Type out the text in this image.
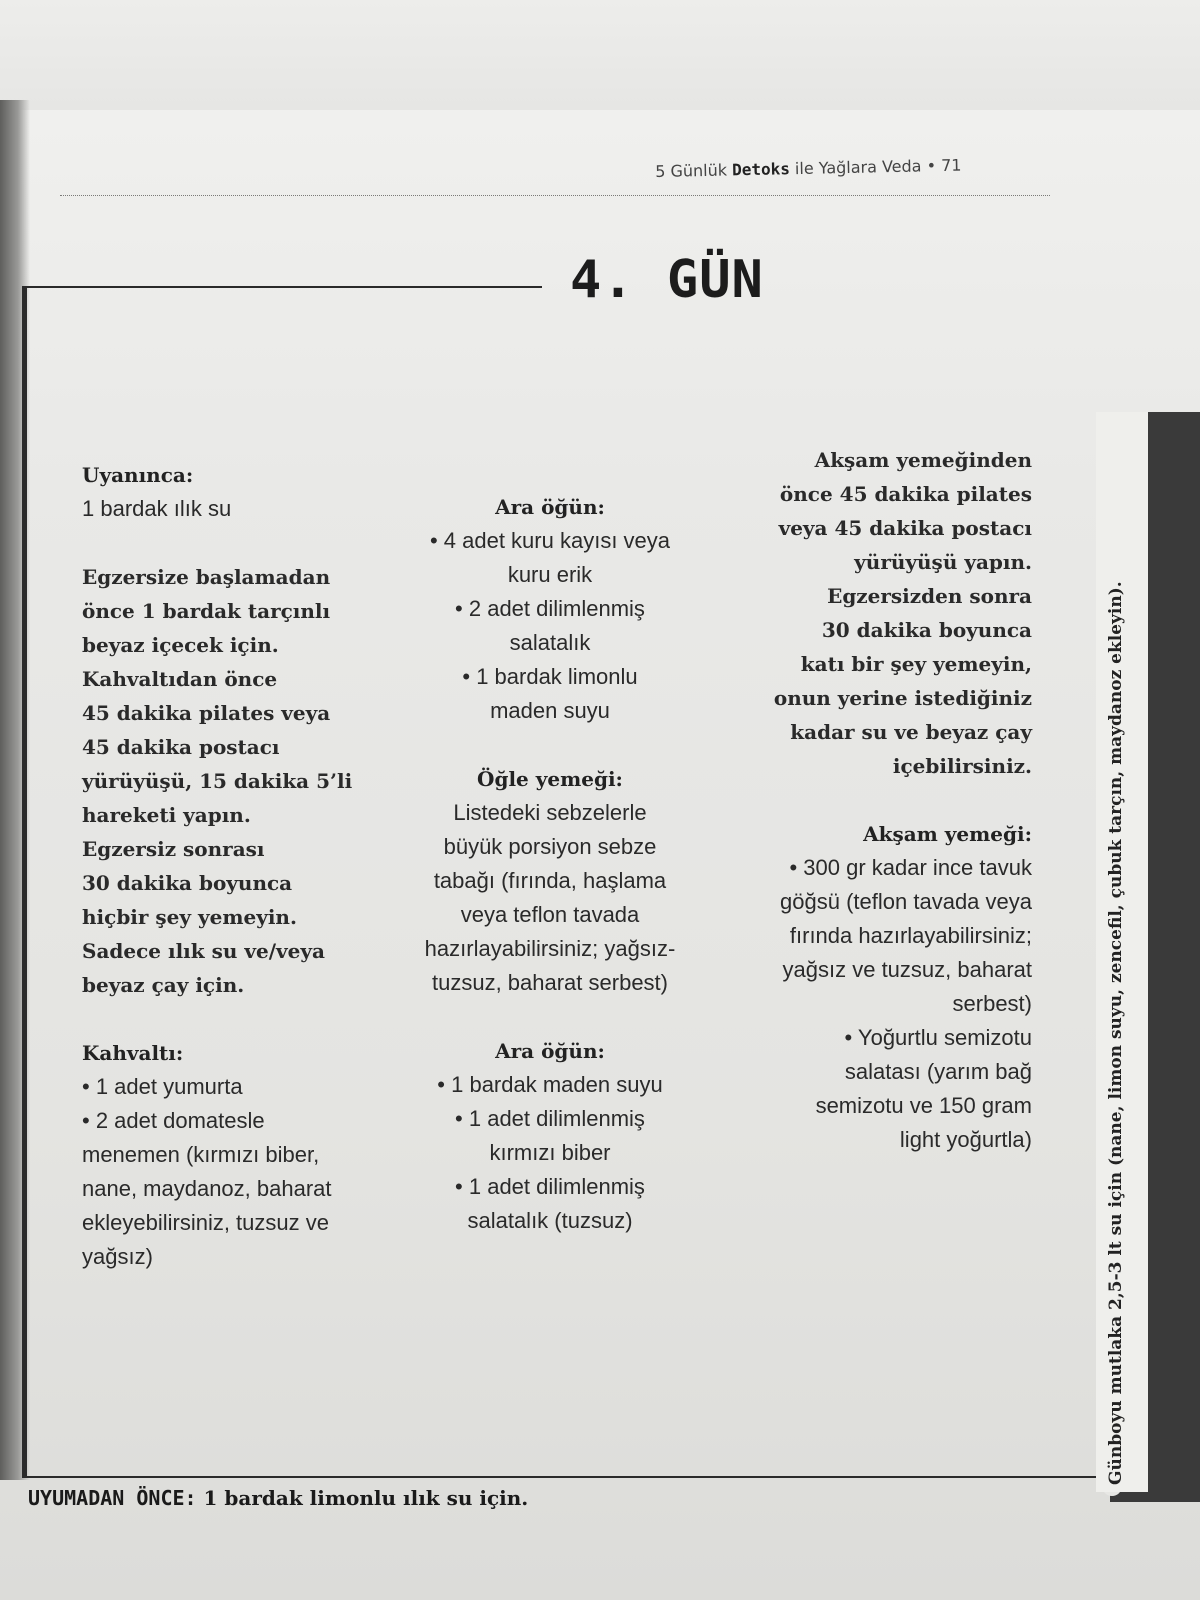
5 Günlük Detoks ile Yağlara Veda • 71
4. GÜN
Uyanınca:
1 bardak ılık su
Egzersize başlamadan
önce 1 bardak tarçınlı
beyaz içecek için.
Kahvaltıdan önce
45 dakika pilates veya
45 dakika postacı
yürüyüşü, 15 dakika 5’li
hareketi yapın.
Egzersiz sonrası
30 dakika boyunca
hiçbir şey yemeyin.
Sadece ılık su ve/veya
beyaz çay için.
Kahvaltı:
• 1 adet yumurta
• 2 adet domatesle
menemen (kırmızı biber,
nane, maydanoz, baharat
ekleyebilirsiniz, tuzsuz ve
yağsız)
Ara öğün:
• 4 adet kuru kayısı veya
kuru erik
• 2 adet dilimlenmiş
salatalık
• 1 bardak limonlu
maden suyu
Öğle yemeği:
Listedeki sebzelerle
büyük porsiyon sebze
tabağı (fırında, haşlama
veya teflon tavada
hazırlayabilirsiniz; yağsız-
tuzsuz, baharat serbest)
Ara öğün:
• 1 bardak maden suyu
• 1 adet dilimlenmiş
kırmızı biber
• 1 adet dilimlenmiş
salatalık (tuzsuz)
Akşam yemeğinden
önce 45 dakika pilates
veya 45 dakika postacı
yürüyüşü yapın.
Egzersizden sonra
30 dakika boyunca
katı bir şey yemeyin,
onun yerine istediğiniz
kadar su ve beyaz çay
içebilirsiniz.
Akşam yemeği:
• 300 gr kadar ince tavuk
göğsü (teflon tavada veya
fırında hazırlayabilirsiniz;
yağsız ve tuzsuz, baharat
serbest)
• Yoğurtlu semizotu
salatası (yarım bağ
semizotu ve 150 gram
light yoğurtla)
UYUMADAN ÖNCE: 1 bardak limonlu ılık su için.
Günboyu mutlaka 2,5-3 lt su için (nane, limon suyu, zencefil, çubuk tarçın, maydanoz ekleyin).
